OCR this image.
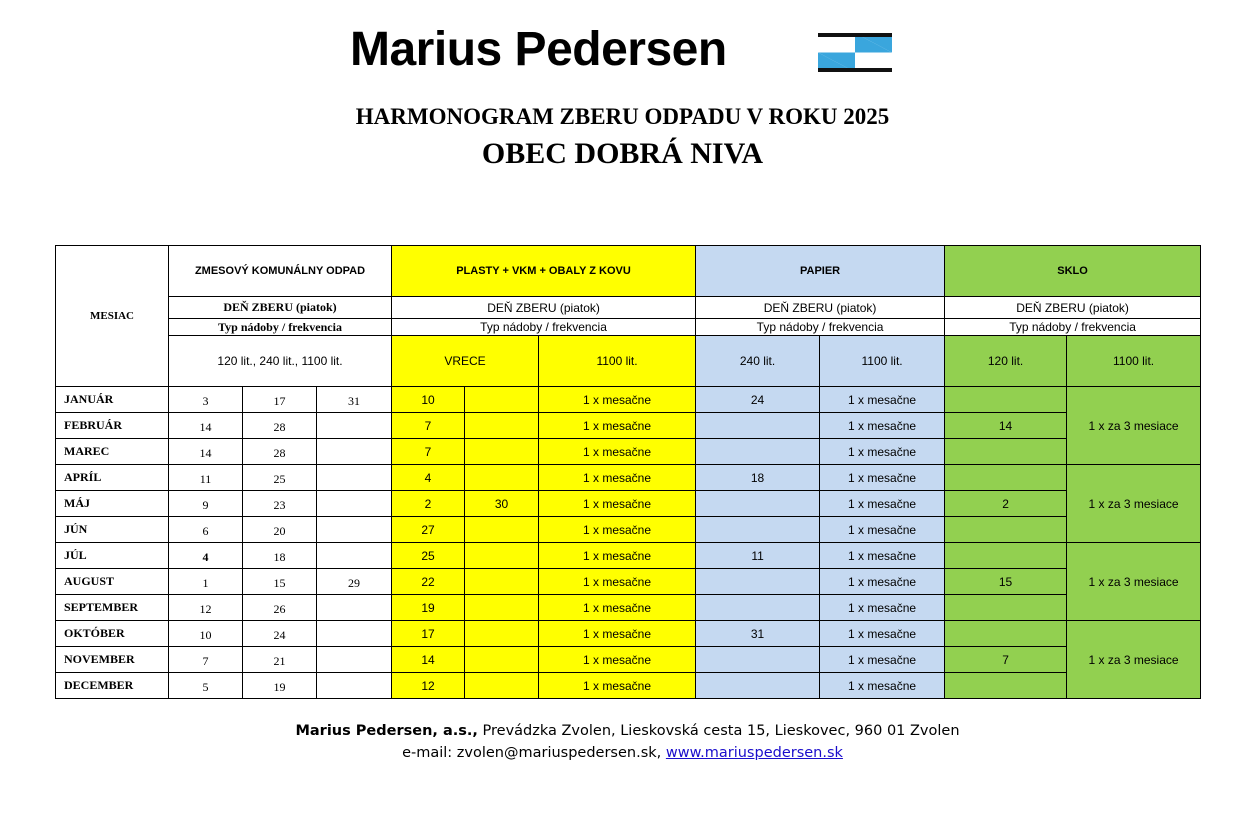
Marius Pedersen
HARMONOGRAM ZBERU ODPADU V ROKU 2025
OBEC DOBRÁ NIVA
MESIAC	ZMESOVÝ KOMUNÁLNY ODPAD			PLASTY + VKM + OBALY Z KOVU			PAPIER		SKLO	
	DEŇ ZBERU (piatok)			DEŇ ZBERU (piatok)			DEŇ ZBERU (piatok)		DEŇ ZBERU (piatok)	
	Typ nádoby / frekvencia			Typ nádoby / frekvencia			Typ nádoby / frekvencia		Typ nádoby / frekvencia	
	120 lit., 240 lit., 1100 lit.			VRECE		1100 lit.	240 lit.	1100 lit.	120 lit.	1100 lit.
JANUÁR	3	17	31	10		1 x mesačne	24	1 x mesačne		1 x za 3 mesiace
FEBRUÁR	14	28		7		1 x mesačne		1 x mesačne	14	
MAREC	14	28		7		1 x mesačne		1 x mesačne		
APRÍL	11	25		4		1 x mesačne	18	1 x mesačne		1 x za 3 mesiace
MÁJ	9	23		2	30	1 x mesačne		1 x mesačne	2	
JÚN	6	20		27		1 x mesačne		1 x mesačne		
JÚL	4	18		25		1 x mesačne	11	1 x mesačne		1 x za 3 mesiace
AUGUST	1	15	29	22		1 x mesačne		1 x mesačne	15	
SEPTEMBER	12	26		19		1 x mesačne		1 x mesačne		
OKTÓBER	10	24		17		1 x mesačne	31	1 x mesačne		1 x za 3 mesiace
NOVEMBER	7	21		14		1 x mesačne		1 x mesačne	7	
DECEMBER	5	19		12		1 x mesačne		1 x mesačne		
Marius Pedersen, a.s., Prevádzka Zvolen, Lieskovská cesta 15, Lieskovec, 960 01 Zvolen
e-mail: zvolen@mariuspedersen.sk, www.mariuspedersen.sk
